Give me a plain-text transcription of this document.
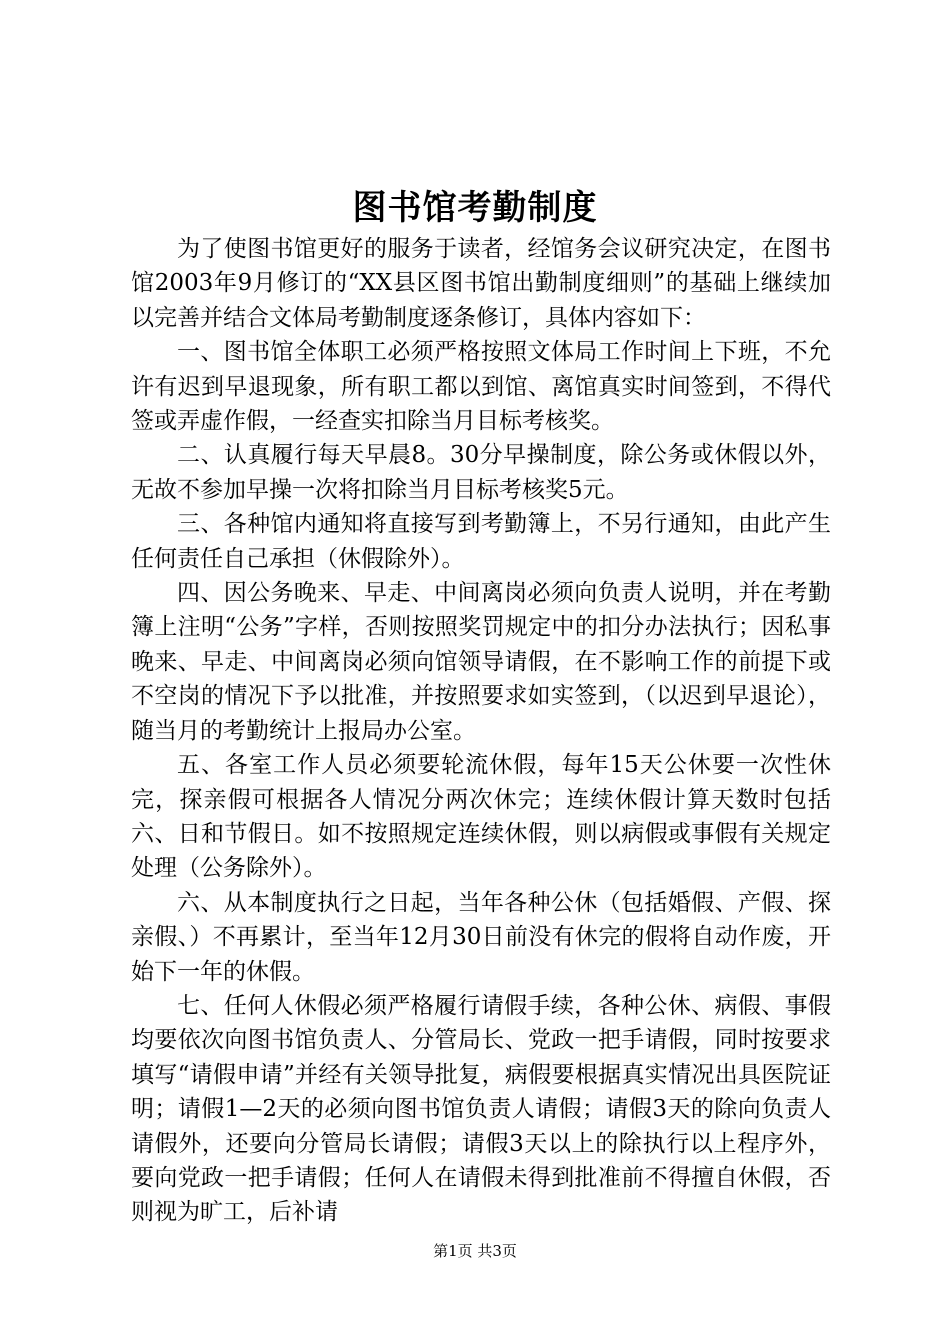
图书馆考勤制度

为了使图书馆更好的服务于读者，经馆务会议研究决定，在图书馆2003年9月修订的“XX县区图书馆出勤制度细则”的基础上继续加以完善并结合文体局考勤制度逐条修订，具体内容如下：

一、图书馆全体职工必须严格按照文体局工作时间上下班，不允许有迟到早退现象，所有职工都以到馆、离馆真实时间签到，不得代签或弄虚作假，一经查实扣除当月目标考核奖。

二、认真履行每天早晨8。30分早操制度，除公务或休假以外，无故不参加早操一次将扣除当月目标考核奖5元。

三、各种馆内通知将直接写到考勤簿上，不另行通知，由此产生任何责任自己承担（休假除外）。

四、因公务晚来、早走、中间离岗必须向负责人说明，并在考勤簿上注明“公务”字样，否则按照奖罚规定中的扣分办法执行；因私事晚来、早走、中间离岗必须向馆领导请假，在不影响工作的前提下或不空岗的情况下予以批准，并按照要求如实签到，（以迟到早退论），随当月的考勤统计上报局办公室。

五、各室工作人员必须要轮流休假，每年15天公休要一次性休完，探亲假可根据各人情况分两次休完；连续休假计算天数时包括六、日和节假日。如不按照规定连续休假，则以病假或事假有关规定处理（公务除外）。

六、从本制度执行之日起，当年各种公休（包括婚假、产假、探亲假、）不再累计，至当年12月30日前没有休完的假将自动作废，开始下一年的休假。

七、任何人休假必须严格履行请假手续，各种公休、病假、事假均要依次向图书馆负责人、分管局长、党政一把手请假，同时按要求填写“请假申请”并经有关领导批复，病假要根据真实情况出具医院证明；请假1—2天的必须向图书馆负责人请假；请假3天的除向负责人请假外，还要向分管局长请假；请假3天以上的除执行以上程序外，要向党政一把手请假；任何人在请假未得到批准前不得擅自休假，否则视为旷工，后补请

第1页 共3页
